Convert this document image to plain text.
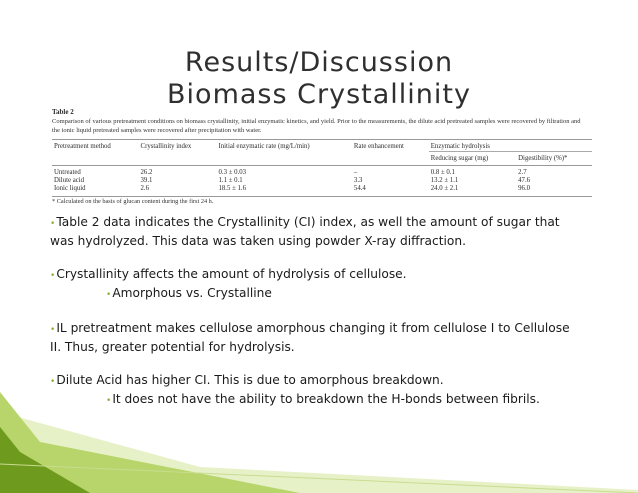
Results/Discussion
Biomass Crystallinity
Table 2
Comparison of various pretreatment conditions on biomass crystallinity, initial enzymatic kinetics, and yield. Prior to the measurements, the dilute acid pretreated samples were recovered by filtration and the ionic liquid pretreated samples were recovered after precipitation with water.
Pretreatment method	Crystallinity index	Initial enzymatic rate (mg/L/min)	Rate enhancement	Enzymatic hydrolysis	
				Reducing sugar (mg)	Digestibility (%)*
Untreated	26.2	0.3 ± 0.03	–	0.8 ± 0.1	2.7
Dilute acid	39.1	1.1 ± 0.1	3.3	13.2 ± 1.1	47.6
Ionic liquid	2.6	18.5 ± 1.6	54.4	24.0 ± 2.1	96.0
* Calculated on the basis of glucan content during the first 24 h.
•Table 2 data indicates the Crystallinity (CI) index, as well the amount of sugar that
was hydrolyzed. This data was taken using powder X-ray diffraction.
•Crystallinity affects the amount of hydrolysis of cellulose.
•Amorphous vs. Crystalline
•IL pretreatment makes cellulose amorphous changing it from cellulose I to Cellulose
II. Thus, greater potential for hydrolysis.
•Dilute Acid has higher CI. This is due to amorphous breakdown.
•It does not have the ability to breakdown the H-bonds between fibrils.
